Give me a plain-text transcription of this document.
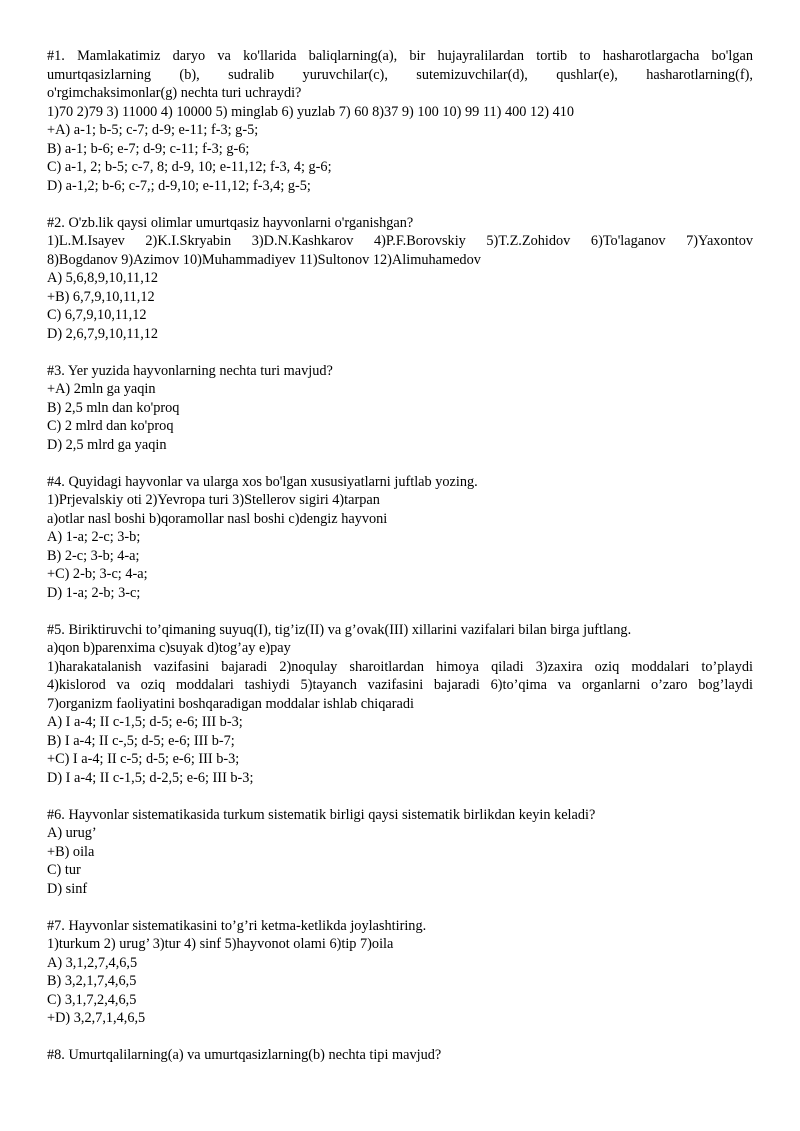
#1. Mamlakatimiz daryo va ko'llarida baliqlarning(a), bir hujayralilardan tortib to hasharotlargacha bo'lgan
umurtqasizlarning (b), sudralib yuruvchilar(c), sutemizuvchilar(d), qushlar(e), hasharotlarning(f),
o'rgimchaksimonlar(g) nechta turi uchraydi?
1)70 2)79 3) 11000 4) 10000 5) minglab 6) yuzlab 7) 60 8)37 9) 100 10) 99 11) 400 12) 410
+A) a-1; b-5; c-7; d-9; e-11; f-3; g-5;
B) a-1; b-6; e-7; d-9; c-11; f-3; g-6;
C) a-1, 2; b-5; c-7, 8; d-9, 10; e-11,12; f-3, 4; g-6;
D) a-1,2; b-6; c-7,; d-9,10; e-11,12; f-3,4; g-5;
#2. O'zb.lik qaysi olimlar umurtqasiz hayvonlarni o'rganishgan?
1)L.M.Isayev 2)K.I.Skryabin 3)D.N.Kashkarov 4)P.F.Borovskiy 5)T.Z.Zohidov 6)To'laganov 7)Yaxontov
8)Bogdanov 9)Azimov 10)Muhammadiyev 11)Sultonov 12)Alimuhamedov
A) 5,6,8,9,10,11,12
+B) 6,7,9,10,11,12
C) 6,7,9,10,11,12
D) 2,6,7,9,10,11,12
#3. Yer yuzida hayvonlarning nechta turi mavjud?
+A) 2mln ga yaqin
B) 2,5 mln dan ko'proq
C) 2 mlrd dan ko'proq
D) 2,5 mlrd ga yaqin
#4. Quyidagi hayvonlar va ularga xos bo'lgan xususiyatlarni juftlab yozing.
1)Prjevalskiy oti 2)Yevropa turi 3)Stellerov sigiri 4)tarpan
a)otlar nasl boshi b)qoramollar nasl boshi c)dengiz hayvoni
A) 1-a; 2-c; 3-b;
B) 2-c; 3-b; 4-a;
+C) 2-b; 3-c; 4-a;
D) 1-a; 2-b; 3-c;
#5. Biriktiruvchi to’qimaning suyuq(I), tig’iz(II) va g’ovak(III) xillarini vazifalari bilan birga juftlang.
a)qon b)parenxima c)suyak d)tog’ay e)pay
1)harakatalanish vazifasini bajaradi 2)noqulay sharoitlardan himoya qiladi 3)zaxira oziq moddalari to’playdi
4)kislorod va oziq moddalari tashiydi 5)tayanch vazifasini bajaradi 6)to’qima va organlarni o’zaro bog’laydi
7)organizm faoliyatini boshqaradigan moddalar ishlab chiqaradi
A) I a-4; II c-1,5; d-5; e-6; III b-3;
B) I a-4; II c-,5; d-5; e-6; III b-7;
+C) I a-4; II c-5; d-5; e-6; III b-3;
D) I a-4; II c-1,5; d-2,5; e-6; III b-3;
#6. Hayvonlar sistematikasida turkum sistematik birligi qaysi sistematik birlikdan keyin keladi?
A) urug’
+B) oila
C) tur
D) sinf
#7. Hayvonlar sistematikasini to’g’ri ketma-ketlikda joylashtiring.
1)turkum 2) urug’ 3)tur 4) sinf 5)hayvonot olami 6)tip 7)oila
A) 3,1,2,7,4,6,5
B) 3,2,1,7,4,6,5
C) 3,1,7,2,4,6,5
+D) 3,2,7,1,4,6,5
#8. Umurtqalilarning(a) va umurtqasizlarning(b) nechta tipi mavjud?
